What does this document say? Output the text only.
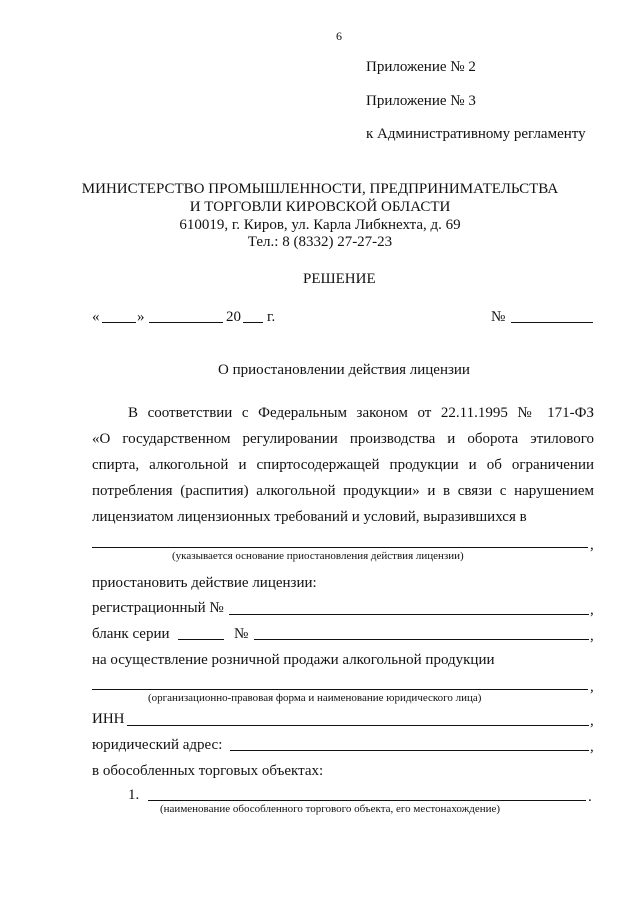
6
Приложение № 2
Приложение № 3
к Административному регламенту
МИНИСТЕРСТВО ПРОМЫШЛЕННОСТИ, ПРЕДПРИНИМАТЕЛЬСТВА
И ТОРГОВЛИ КИРОВСКОЙ ОБЛАСТИ
610019, г. Киров, ул. Карла Либкнехта, д. 69
Тел.: 8 (8332) 27-27-23
РЕШЕНИЕ
«	»	20 г.	№
О приостановлении действия лицензии
В соответствии с Федеральным законом от 22.11.1995 № 171-ФЗ
«О государственном регулировании производства и оборота этилового
спирта, алкогольной и спиртосодержащей продукции и об ограничении
потребления (распития) алкогольной продукции» и в связи с нарушением
лицензиатом лицензионных требований и условий, выразившихся в
,
(указывается основание приостановления действия лицензии)
приостановить действие лицензии:
регистрационный №	,
бланк серии	№	,
на осуществление розничной продажи алкогольной продукции
,
(организационно-правовая форма и наименование юридического лица)
ИНН	,
юридический адрес:	,
в обособленных торговых объектах:
1.	.
(наименование обособленного торгового объекта, его местонахождение)
